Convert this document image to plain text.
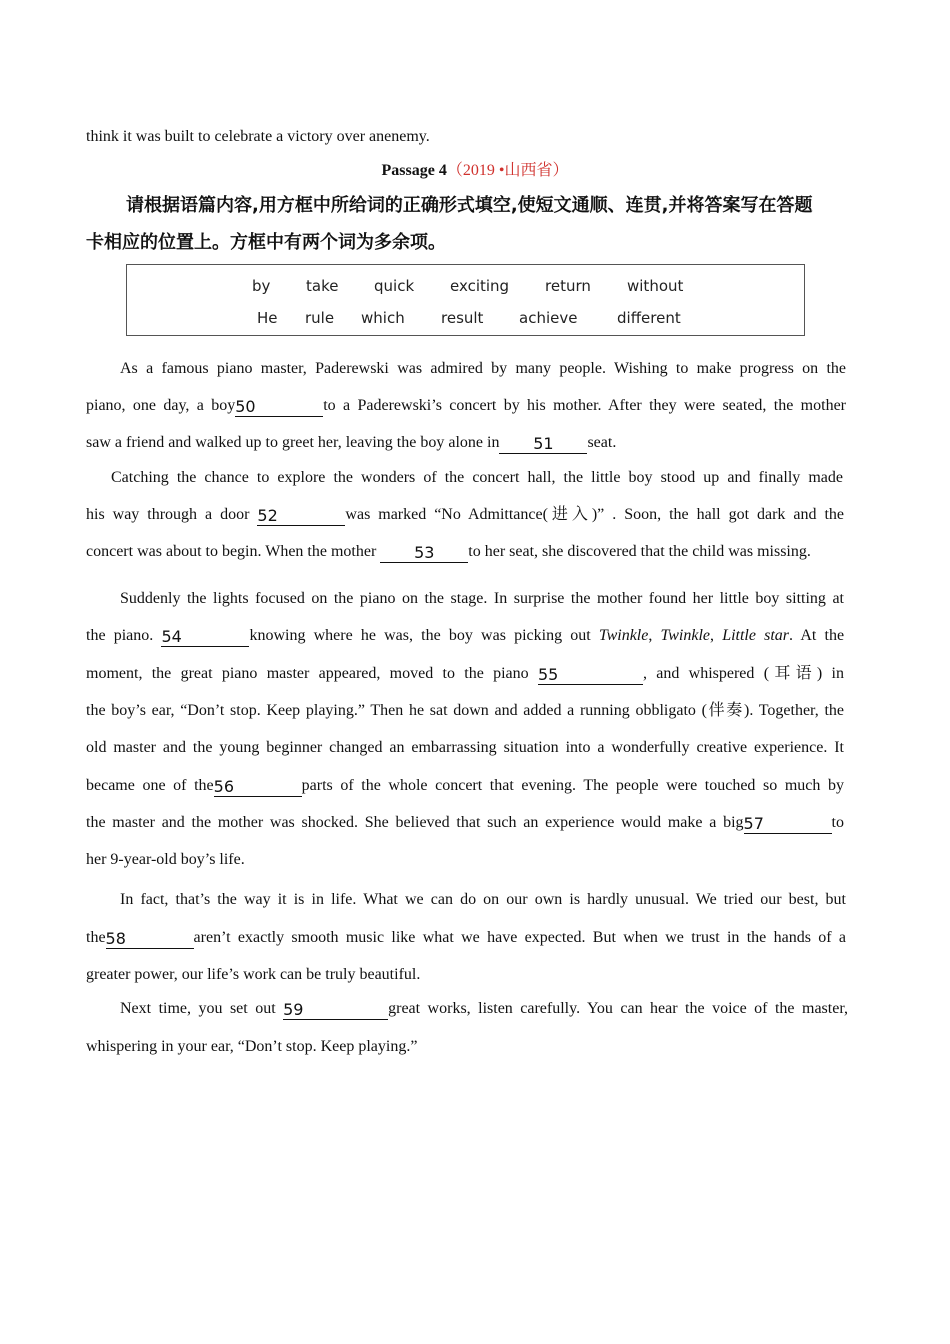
think it was built to celebrate a victory over anenemy.
Passage 4（2019 •山西省）
请根据语篇内容,用方框中所给词的正确形式填空,使短文通顺、连贯,并将答案写在答题
卡相应的位置上。方框中有两个词为多余项。
by take quick exciting return without
He rule which result achieve	different
As a famous piano master, Paderewski was admired by many people. Wishing to make progress on the
piano, one day, a boy50	to a Paderewski’s concert by his mother. After they were seated, the mother
saw a friend and walked up to greet her, leaving the boy alone in 51 seat.
Catching the chance to explore the wonders of the concert hall, the little boy stood up and finally made
his way through a door 52	was marked “No Admittance(进入)” . Soon, the hall got dark and the
concert was about to begin. When the mother 53 to her seat, she discovered that the child was missing.
Suddenly the lights focused on the piano on the stage. In surprise the mother found her little boy sitting at
the piano. 54	knowing where he was, the boy was picking out Twinkle, Twinkle, Little star. At the
moment, the great piano master appeared, moved to the piano 55	, and whispered (耳语) in
the boy’s ear, “Don’t stop. Keep playing.” Then he sat down and added a running obbligato (伴奏). Together, the
old master and the young beginner changed an embarrassing situation into a wonderfully creative experience. It
became one of the56	parts of the whole concert that evening. The people were touched so much by
the master and the mother was shocked. She believed that such an experience would make a big57	to
her 9-year-old boy’s life.
In fact, that’s the way it is in life. What we can do on our own is hardly unusual. We tried our best, but
the58	aren’t exactly smooth music like what we have expected. But when we trust in the hands of a
greater power, our life’s work can be truly beautiful.
Next time, you set out 59	great works, listen carefully. You can hear the voice of the master,
whispering in your ear, “Don’t stop. Keep playing.”
